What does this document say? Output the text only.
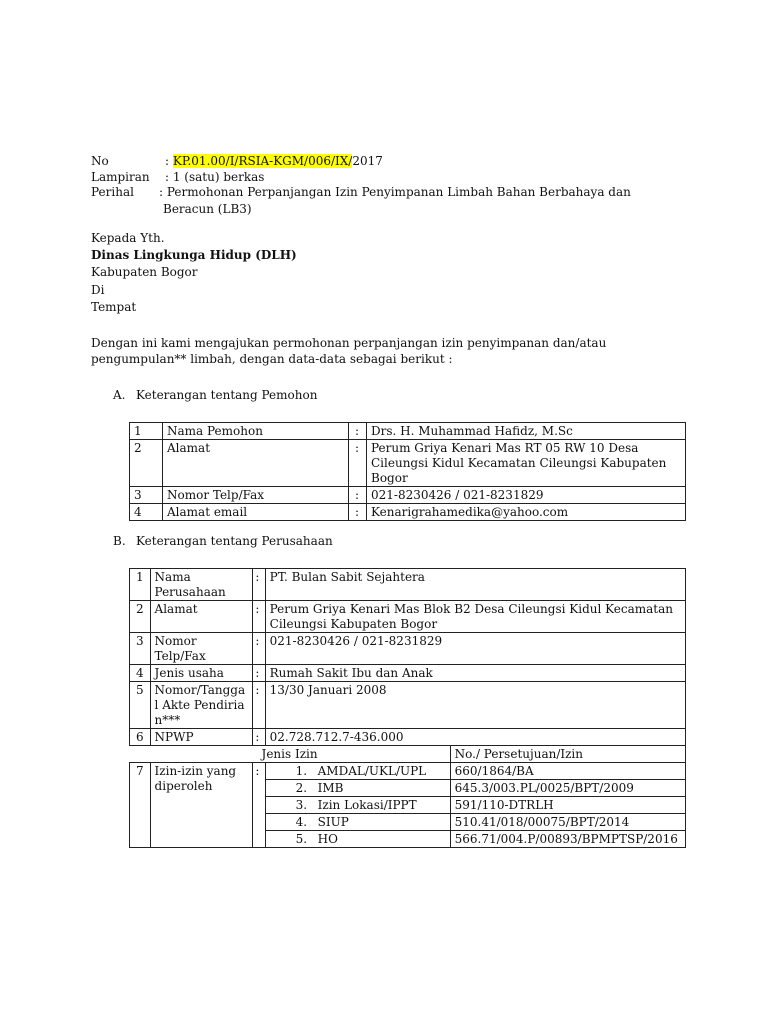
No	: KP.01.00/I/RSIA-KGM/006/IX/2017
Lampiran : 1 (satu) berkas
Perihal : Permohonan Perpanjangan Izin Penyimpanan Limbah Bahan Berbahaya dan
Beracun (LB3)
Kepada Yth.
Dinas Lingkunga Hidup (DLH)
Kabupaten Bogor
Di
Tempat
Dengan ini kami mengajukan permohonan perpanjangan izin penyimpanan dan/atau
pengumpulan** limbah, dengan data-data sebagai berikut :
A. Keterangan tentang Pemohon
1	Nama Pemohon	:	Drs. H. Muhammad Hafidz, M.Sc
2	Alamat	:	Perum Griya Kenari Mas RT 05 RW 10 Desa Cileungsi Kidul Kecamatan Cileungsi Kabupaten Bogor
3	Nomor Telp/Fax	:	021-8230426 / 021-8231829
4	Alamat email	:	Kenarigrahamedika@yahoo.com
B. Keterangan tentang Perusahaan
1	Nama Perusahaan	:	PT. Bulan Sabit Sejahtera	
2	Alamat	:	Perum Griya Kenari Mas Blok B2 Desa Cileungsi Kidul Kecamatan Cileungsi Kabupaten Bogor	
3	Nomor Telp/Fax	:	021-8230426 / 021-8231829	
4	Jenis usaha	:	Rumah Sakit Ibu dan Anak	
5	Nomor/Tanggal Akte Pendirian***	:	13/30 Januari 2008	
6	NPWP	:	02.728.712.7-436.000	
Jenis Izin				No./ Persetujuan/Izin
7	Izin-izin yang diperoleh	:	1. AMDAL/UKL/UPL	660/1864/BA
			2. IMB	645.3/003.PL/0025/BPT/2009
			3. Izin Lokasi/IPPT	591/110-DTRLH
			4. SIUP	510.41/018/00075/BPT/2014
			5. HO	566.71/004.P/00893/BPMPTSP/2016
